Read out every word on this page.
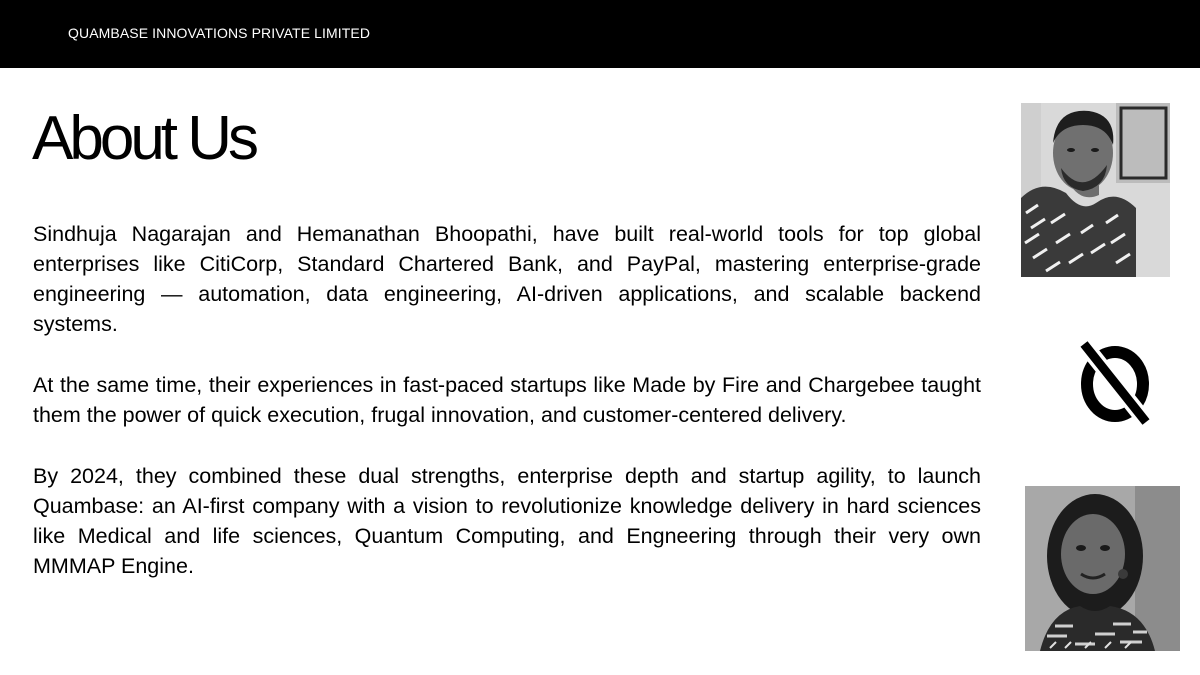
QUAMBASE INNOVATIONS PRIVATE LIMITED
About Us

Sindhuja Nagarajan and Hemanathan Bhoopathi, have built real-world tools for top global enterprises like CitiCorp, Standard Chartered Bank, and PayPal, mastering enterprise-grade engineering — automation, data engineering, AI-driven applications, and scalable backend systems.

At the same time, their experiences in fast-paced startups like Made by Fire and Chargebee taught them the power of quick execution, frugal innovation, and customer-centered delivery.

By 2024, they combined these dual strengths, enterprise depth and startup agility, to launch Quambase: an AI-first company with a vision to revolutionize knowledge delivery in hard sciences like Medical and life sciences, Quantum Computing, and Engneering through their very own MMMAP Engine.
